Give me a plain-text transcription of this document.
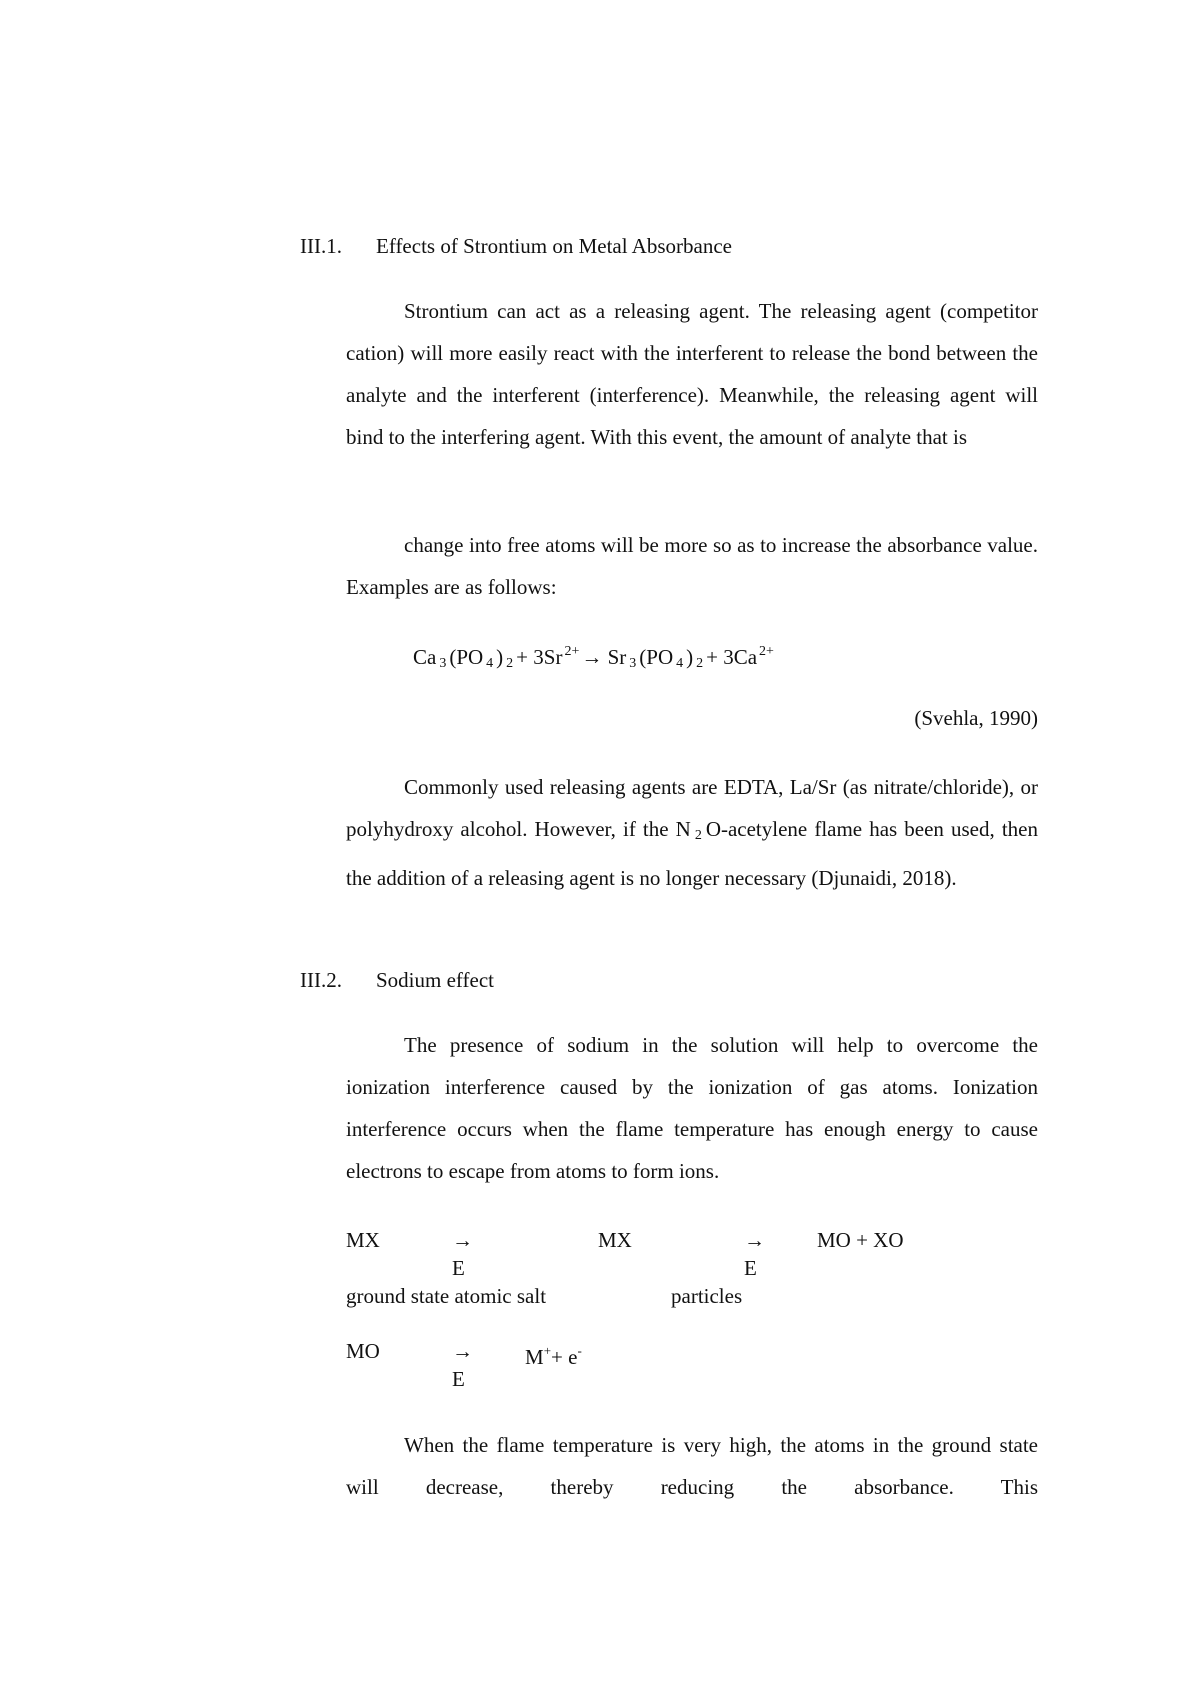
III.1. Effects of Strontium on Metal Absorbance
Strontium can act as a releasing agent. The releasing agent (competitor cation) will more easily react with the interferent to release the bond between the analyte and the interferent (interference). Meanwhile, the releasing agent will bind to the interfering agent. With this event, the amount of analyte that is
change into free atoms will be more so as to increase the absorbance value. Examples are as follows:
Ca $_3$ (PO $_4$ ) $_2$ + 3Sr $^{2+}$→ Sr $_3$ (PO $_4$ ) $_2$ + 3Ca $^{2+}$
(Svehla, 1990)
Commonly used releasing agents are EDTA, La/Sr (as nitrate/chloride), or polyhydroxy alcohol. However, if the N 2 O-acetylene flame has been used, then the addition of a releasing agent is no longer necessary (Djunaidi, 2018).
III.2. Sodium effect
The presence of sodium in the solution will help to overcome the ionization interference caused by the ionization of gas atoms. Ionization interference occurs when the flame temperature has enough energy to cause electrons to escape from atoms to form ions.
MX	→
E
MX	→
E
MO + XO
ground state atomic salt	particles
MO	→
E
M++ e-
When the flame temperature is very high, the atoms in the ground state will decrease, thereby reducing the absorbance. This
